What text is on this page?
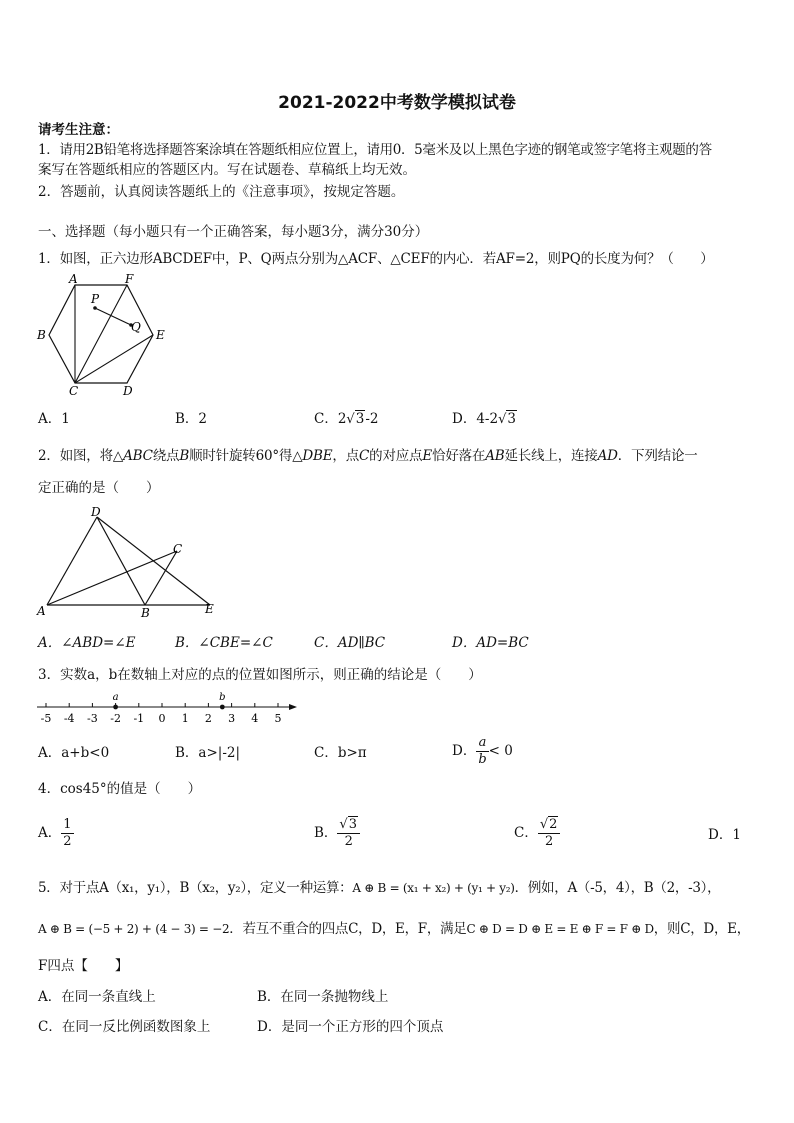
2021-2022中考数学模拟试卷
请考生注意：
1．请用2B铅笔将选择题答案涂填在答题纸相应位置上，请用0．5毫米及以上黑色字迹的钢笔或签字笔将主观题的答
案写在答题纸相应的答题区内。写在试题卷、草稿纸上均无效。
2．答题前，认真阅读答题纸上的《注意事项》，按规定答题。
一、选择题（每小题只有一个正确答案，每小题3分，满分30分）
1．如图，正六边形ABCDEF中，P、Q两点分别为△ACF、△CEF的内心．若AF=2，则PQ的长度为何？（　　）
A	F
P
Q
B	E
C	D
A．1	B．2	C．2√3-2	D．4-2√3
2．如图，将△ABC绕点B顺时针旋转60°得△DBE，点C的对应点E恰好落在AB延长线上，连接AD．下列结论一
定正确的是（　　）
D
C
A	B	E
A．∠ABD=∠E	B．∠CBE=∠C	C．AD∥BC	D．AD=BC
3．实数a，b在数轴上对应的点的位置如图所示，则正确的结论是（　　）
-5 -4 -3 -2 -1 0 1 2 3 4 5
a	b
A．a+b<0	B．a>|-2|	C．b>π	D． $\frac{a}{b} < 0$
4．cos45°的值是（　　）
A． $\frac{1}{2}$	B． $\frac{√3}{2}$	C． $\frac{√2}{2}$	D．1
5．对于点A（x₁，y₁），B（x₂，y₂），定义一种运算：A ⊕ B = (x₁ + x₂) + (y₁ + y₂)．例如，A（-5，4），B（2，-3），
A ⊕ B = (−5 + 2) + (4 − 3) = −2．若互不重合的四点C，D，E，F，满足C ⊕ D = D ⊕ E = E ⊕ F = F ⊕ D，则C，D，E，
F四点【　　】
A．在同一条直线上	B．在同一条抛物线上
C．在同一反比例函数图象上	D．是同一个正方形的四个顶点
